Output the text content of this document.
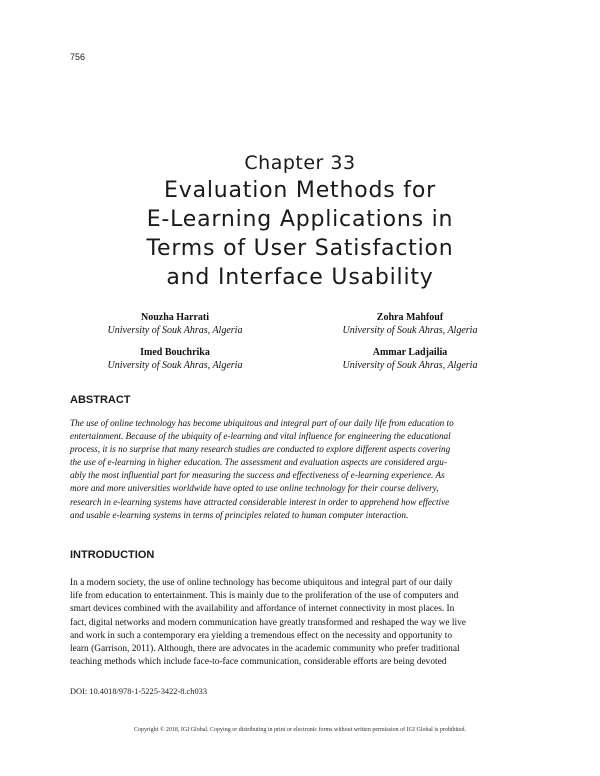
756
Chapter 33
Evaluation Methods for
E-Learning Applications in
Terms of User Satisfaction
and Interface Usability
Nouzha Harrati
University of Souk Ahras, Algeria
Zohra Mahfouf
University of Souk Ahras, Algeria
Imed Bouchrika
University of Souk Ahras, Algeria
Ammar Ladjailia
University of Souk Ahras, Algeria
ABSTRACT
The use of online technology has become ubiquitous and integral part of our daily life from education to
entertainment. Because of the ubiquity of e-learning and vital influence for engineering the educational
process, it is no surprise that many research studies are conducted to explore different aspects covering
the use of e-learning in higher education. The assessment and evaluation aspects are considered argu-
ably the most influential part for measuring the success and effectiveness of e-learning experience. As
more and more universities worldwide have opted to use online technology for their course delivery,
research in e-learning systems have attracted considerable interest in order to apprehend how effective
and usable e-learning systems in terms of principles related to human computer interaction.
INTRODUCTION
In a modern society, the use of online technology has become ubiquitous and integral part of our daily
life from education to entertainment. This is mainly due to the proliferation of the use of computers and
smart devices combined with the availability and affordance of internet connectivity in most places. In
fact, digital networks and modern communication have greatly transformed and reshaped the way we live
and work in such a contemporary era yielding a tremendous effect on the necessity and opportunity to
learn (Garrison, 2011). Although, there are advocates in the academic community who prefer traditional
teaching methods which include face-to-face communication, considerable efforts are being devoted
DOI: 10.4018/978-1-5225-3422-8.ch033
Copyright © 2018, IGI Global. Copying or distributing in print or electronic forms without written permission of IGI Global is prohibited.
